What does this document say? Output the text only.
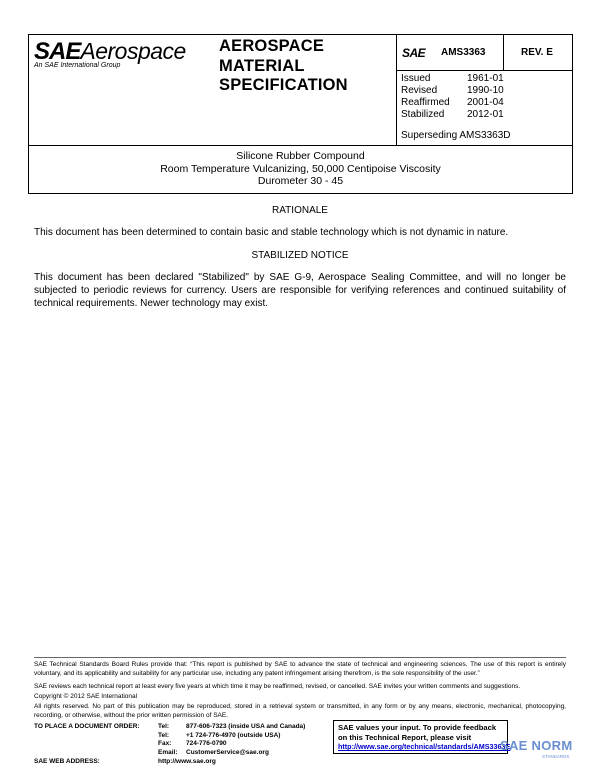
SAEAerospace
An SAE International Group
AEROSPACE
MATERIAL
SPECIFICATION
SAE AMS3363	REV. E
Issued	1961-01
Revised	1990-10
Reaffirmed	2001-04
Stabilized	2012-01
Superseding AMS3363D
Silicone Rubber Compound
Room Temperature Vulcanizing, 50,000 Centipoise Viscosity
Durometer 30 - 45
RATIONALE
This document has been determined to contain basic and stable technology which is not dynamic in nature.
STABILIZED NOTICE
This document has been declared "Stabilized" by SAE G-9, Aerospace Sealing Committee, and will no longer be subjected to periodic reviews for currency. Users are responsible for verifying references and continued suitability of technical requirements. Newer technology may exist.
SAE Technical Standards Board Rules provide that: “This report is published by SAE to advance the state of technical and engineering sciences. The use of this report is entirely voluntary, and its applicability and suitability for any particular use, including any patent infringement arising therefrom, is the sole responsibility of the user.”
SAE reviews each technical report at least every five years at which time it may be reaffirmed, revised, or cancelled. SAE invites your written comments and suggestions.
Copyright © 2012 SAE International
All rights reserved. No part of this publication may be reproduced, stored in a retrieval system or transmitted, in any form or by any means, electronic, mechanical, photocopying, recording, or otherwise, without the prior written permission of SAE.
TO PLACE A DOCUMENT ORDER:	Tel:	877-606-7323 (inside USA and Canada)
Tel:	+1 724-776-4970 (outside USA)
Fax:	724-776-0790
Email:	CustomerService@sae.org
SAE WEB ADDRESS:	http://www.sae.org
SAE values your input. To provide feedback
on this Technical Report, please visit
http://www.sae.org/technical/standards/AMS3363E
SAE NORM
STANDARDS
